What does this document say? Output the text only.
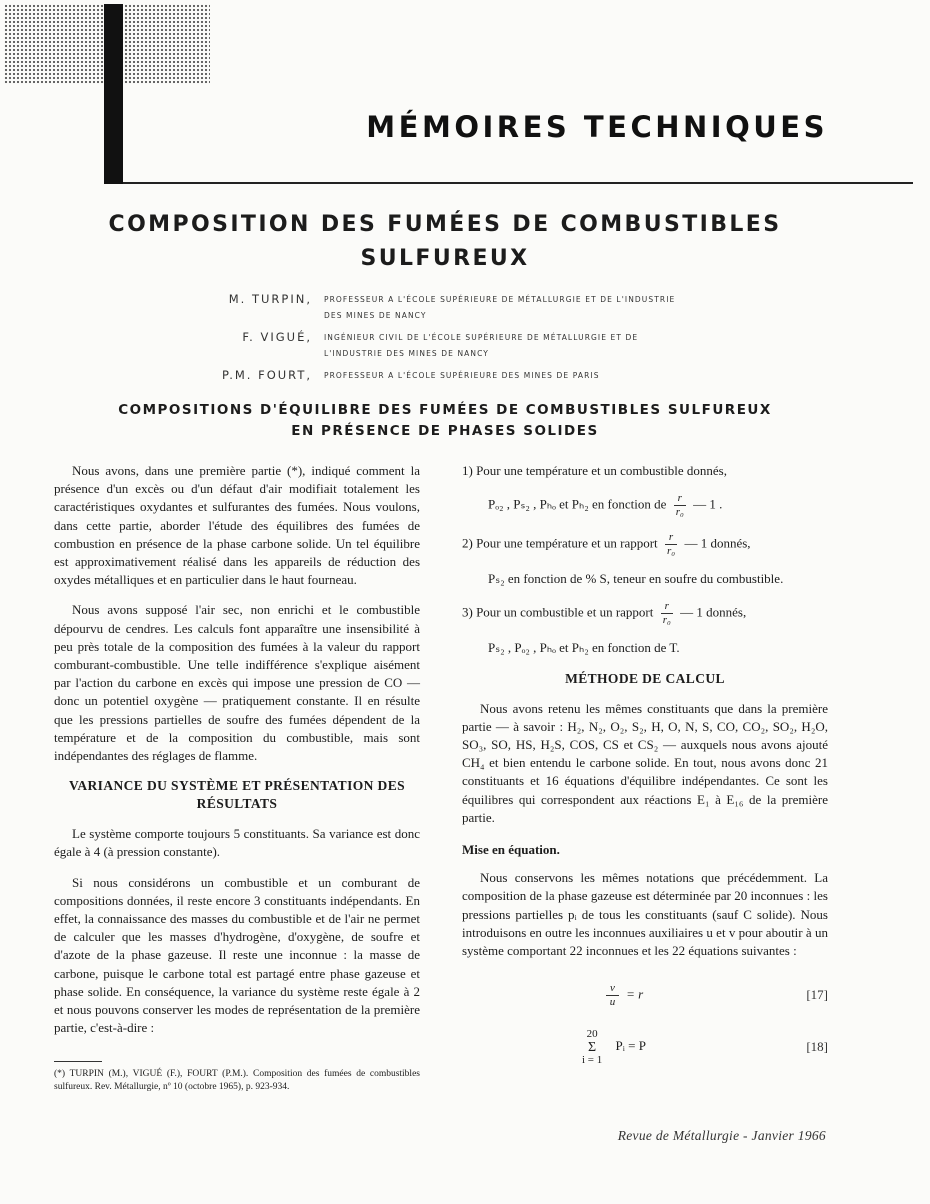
MÉMOIRES TECHNIQUES
COMPOSITION DES FUMÉES DE COMBUSTIBLES
SULFUREUX
M. TURPIN,	PROFESSEUR A L'ÉCOLE SUPÉRIEURE DE MÉTALLURGIE ET DE L'INDUSTRIE DES MINES DE NANCY
F. VIGUÉ,	INGÉNIEUR CIVIL DE L'ÉCOLE SUPÉRIEURE DE MÉTALLURGIE ET DE L'INDUSTRIE DES MINES DE NANCY
P.M. FOURT,	PROFESSEUR A L'ÉCOLE SUPÉRIEURE DES MINES DE PARIS
COMPOSITIONS D'ÉQUILIBRE DES FUMÉES DE COMBUSTIBLES SULFUREUX
EN PRÉSENCE DE PHASES SOLIDES

Nous avons, dans une première partie (*), indiqué comment la présence d'un excès ou d'un défaut d'air modifiait totalement les caractéristiques oxydantes et sulfurantes des fumées. Nous voulons, dans cette partie, aborder l'étude des équilibres des fumées de combustion en présence de la phase carbone solide. Un tel équilibre est approximativement réalisé dans les appareils de réduction des oxydes métalliques et en particulier dans le haut fourneau.

Nous avons supposé l'air sec, non enrichi et le combustible dépourvu de cendres. Les calculs font apparaître une insensibilité à peu près totale de la composition des fumées à la valeur du rapport comburant-combustible. Une telle indifférence s'explique aisément par l'action du carbone en excès qui impose une pression de CO — donc un potentiel oxygène — pratiquement constante. Il en résulte que les pressions partielles de soufre des fumées dépendent de la température et de la composition du combustible, mais sont indépendantes des réglages de flamme.

VARIANCE DU SYSTÈME ET PRÉSENTATION DES RÉSULTATS

Le système comporte toujours 5 constituants. Sa variance est donc égale à 4 (à pression constante).

Si nous considérons un combustible et un comburant de compositions données, il reste encore 3 constituants indépendants. En effet, la connaissance des masses du combustible et de l'air ne permet de calculer que les masses d'hydrogène, d'oxygène, de soufre et d'azote de la phase gazeuse. Il reste une inconnue : la masse de carbone, puisque le carbone total est partagé entre phase gazeuse et phase solide. En conséquence, la variance du système reste égale à 2 et nous pouvons conserver les modes de représentation de la première partie, c'est-à-dire :

(*) TURPIN (M.), VIGUÉ (F.), FOURT (P.M.). Composition des fumées de combustibles sulfureux. Rev. Métallurgie, nº 10 (octobre 1965), p. 923-934.

1) Pour une température et un combustible donnés,

Pₒ₂ , Pₛ₂ , Pₕₒ et Pₕ₂ en fonction de $\frac{r}{\text{r₀}}$ — 1 .

2) Pour une température et un rapport $\frac{r}{\text{r₀}}$ — 1 donnés,

Pₛ₂ en fonction de % S, teneur en soufre du combustible.

3) Pour un combustible et un rapport $\frac{r}{\text{r₀}}$ — 1 donnés,

Pₛ₂ , Pₒ₂ , Pₕₒ et Pₕ₂ en fonction de T.

MÉTHODE DE CALCUL

Nous avons retenu les mêmes constituants que dans la première partie — à savoir : H₂, N₂, O₂, S₂, H, O, N, S, CO, CO₂, SO₂, H₂O, SO₃, SO, HS, H₂S, COS, CS et CS₂ — auxquels nous avons ajouté CH₄ et bien entendu le carbone solide. En tout, nous avons donc 21 constituants et 16 équations d'équilibre indépendantes. Ce sont les équilibres qui correspondent aux réactions E₁ à E₁₆ de la première partie.

Mise en équation.

Nous conservons les mêmes notations que précédemment. La composition de la phase gazeuse est déterminée par 20 inconnues : les pressions partielles pᵢ de tous les constituants (sauf C solide). Nous introduisons en outre les inconnues auxiliaires u et v pour aboutir à un système comportant 22 inconnues et les 22 équations suivantes :

$\frac{v}{u} = r$	[17]
20
Σ
i = 1
Pᵢ = P	[18]

Revue de Métallurgie - Janvier 1966
